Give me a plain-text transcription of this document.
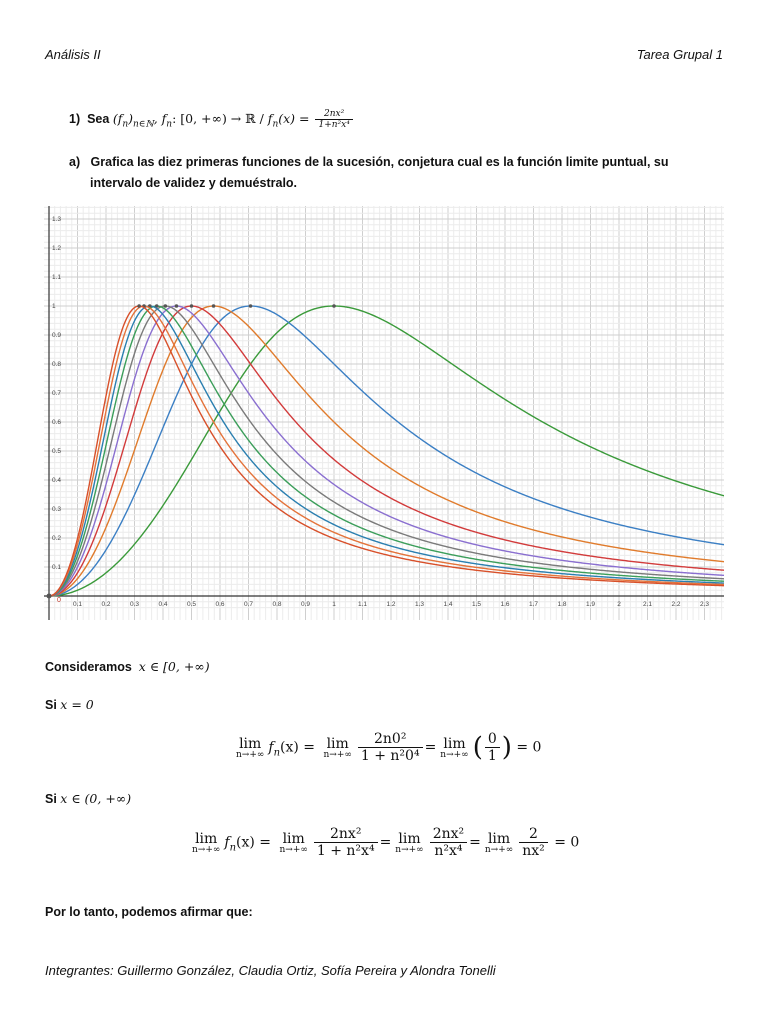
Análisis II	Tarea Grupal 1
1) Sea $(f_n)_{n\in ℕ}$, $f_n$: [0, +∞) → ℝ / $f_n(x) = \frac{\text{2nx²}}{\text{1+n²x⁴}}$
a) Grafica las diez primeras funciones de la sucesión, conjetura cual es la función limite puntual, su
intervalo de validez y demuéstralo.
0.1	0.2	0.3	0.4	0.5	0.6	0.7	0.8	0.9	1	1.1	1.2	1.3	1.4	1.5	1.6	1.7	1.8	1.9	2	2.1	2.2	2.3
0.1
0.2
0.3
0.4
0.5
0.6
0.7
0.8
0.9
1
1.1
1.2
1.3
0
Consideramos x ∈ [0, +∞)
Si x = 0
lim
n→+∞ $f_n(x) = \lim$
$n\to+\infty \frac{\text{2n0²}}{\text{1 + n²0⁴}} = \lim$
n→+∞ ( $\frac{0}{1}$ ) = 0
Si x ∈ (0, +∞)
lim
n→+∞ $f_n(x) = \lim$
$n\to+\infty \frac{\text{2nx²}}{\text{1 + n²x⁴}} = \lim$
$n\to+\infty \frac{\text{2nx²}}{\text{n²x⁴}} = \lim$
$n\to+\infty \frac{2}{\text{nx²}} = 0$
Por lo tanto, podemos afirmar que:
Integrantes: Guillermo González, Claudia Ortiz, Sofía Pereira y Alondra Tonelli
